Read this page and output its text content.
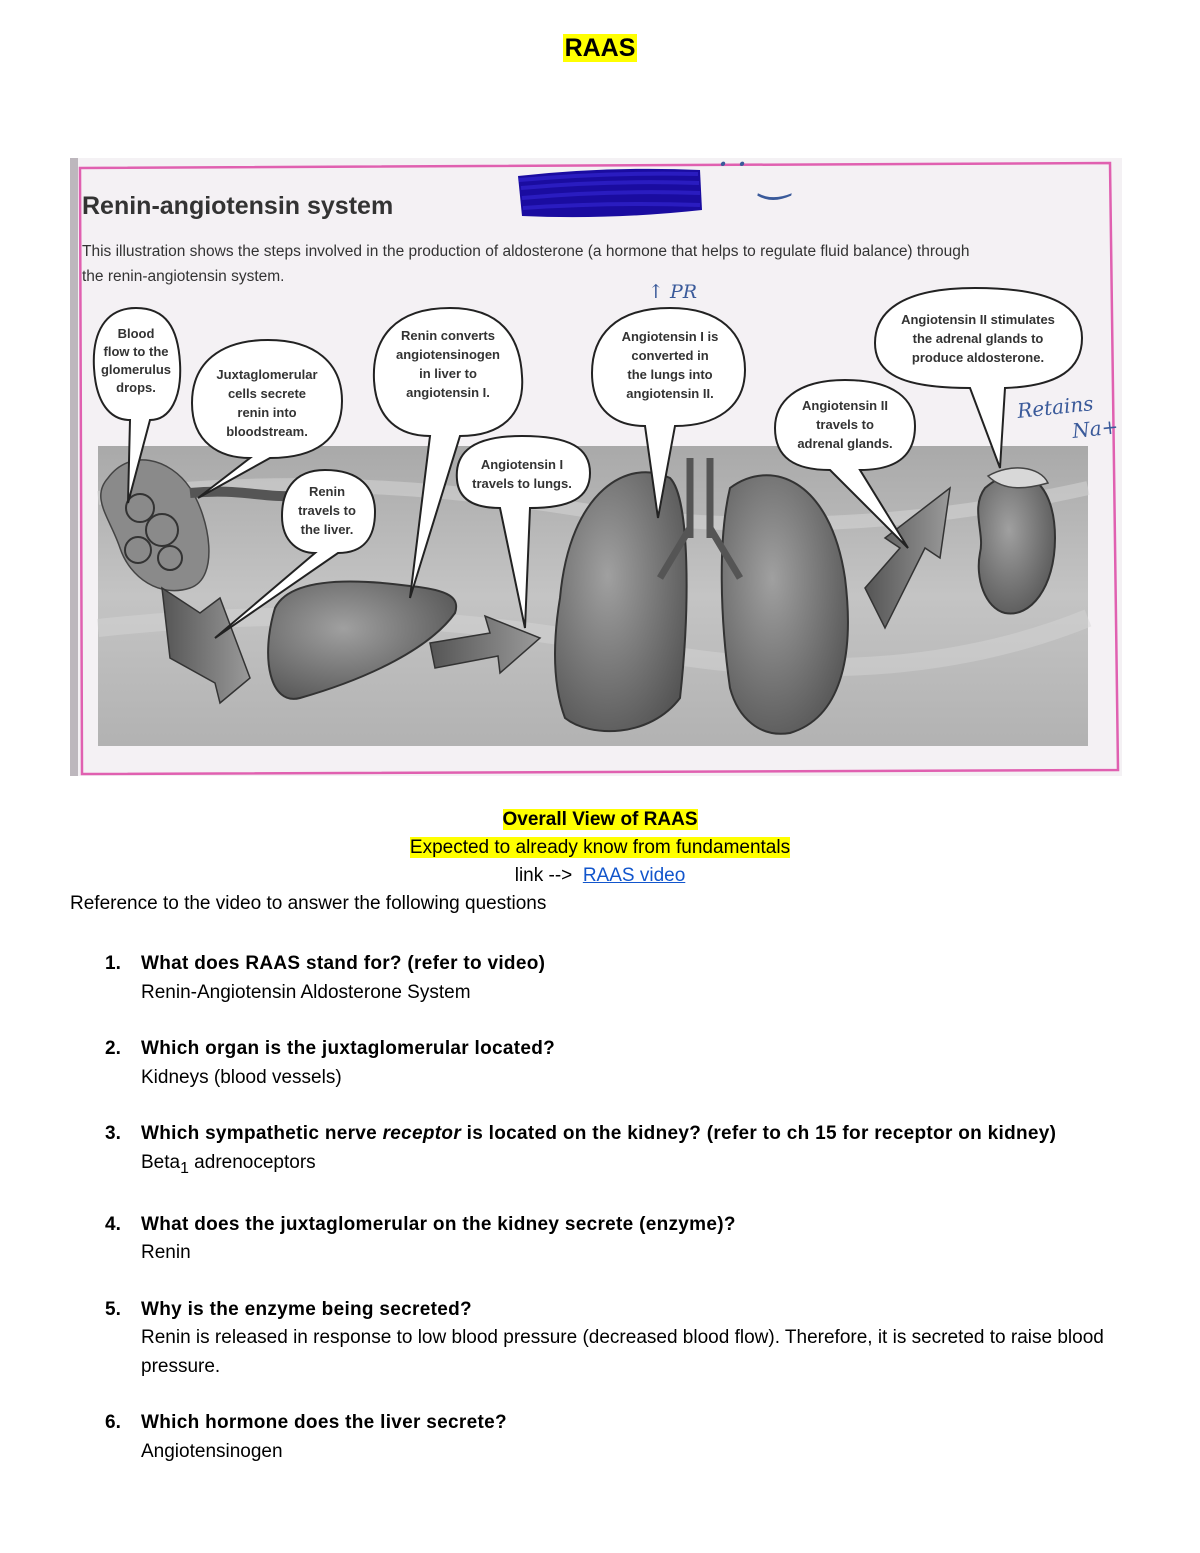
RAAS
Renin-angiotensin system
This illustration shows the steps involved in the production of aldosterone (a hormone that helps to regulate fluid balance) through
the renin-angiotensin system.
˙˙ ‿
↑ PR
Retains
Na+
Blood
flow to the
glomerulus
drops.
Juxtaglomerular
cells secrete
renin into
bloodstream.
Renin
travels to
the liver.
Renin converts
angiotensinogen
in liver to
angiotensin I.
Angiotensin I
travels to lungs.
Angiotensin I is
converted in
the lungs into
angiotensin II.
Angiotensin II
travels to
adrenal glands.
Angiotensin II stimulates
the adrenal glands to
produce aldosterone.
Overall View of RAAS
Expected to already know from fundamentals
link --> RAAS video
Reference to the video to answer the following questions
1. What does RAAS stand for? (refer to video)
Renin-Angiotensin Aldosterone System
2. Which organ is the juxtaglomerular located?
Kidneys (blood vessels)
3. Which sympathetic nerve receptor is located on the kidney? (refer to ch 15 for receptor on kidney)
Beta$_1$ adrenoceptors
4. What does the juxtaglomerular on the kidney secrete (enzyme)?
Renin
5. Why is the enzyme being secreted?
Renin is released in response to low blood pressure (decreased blood flow). Therefore, it is secreted to raise blood pressure.
6. Which hormone does the liver secrete?
Angiotensinogen
